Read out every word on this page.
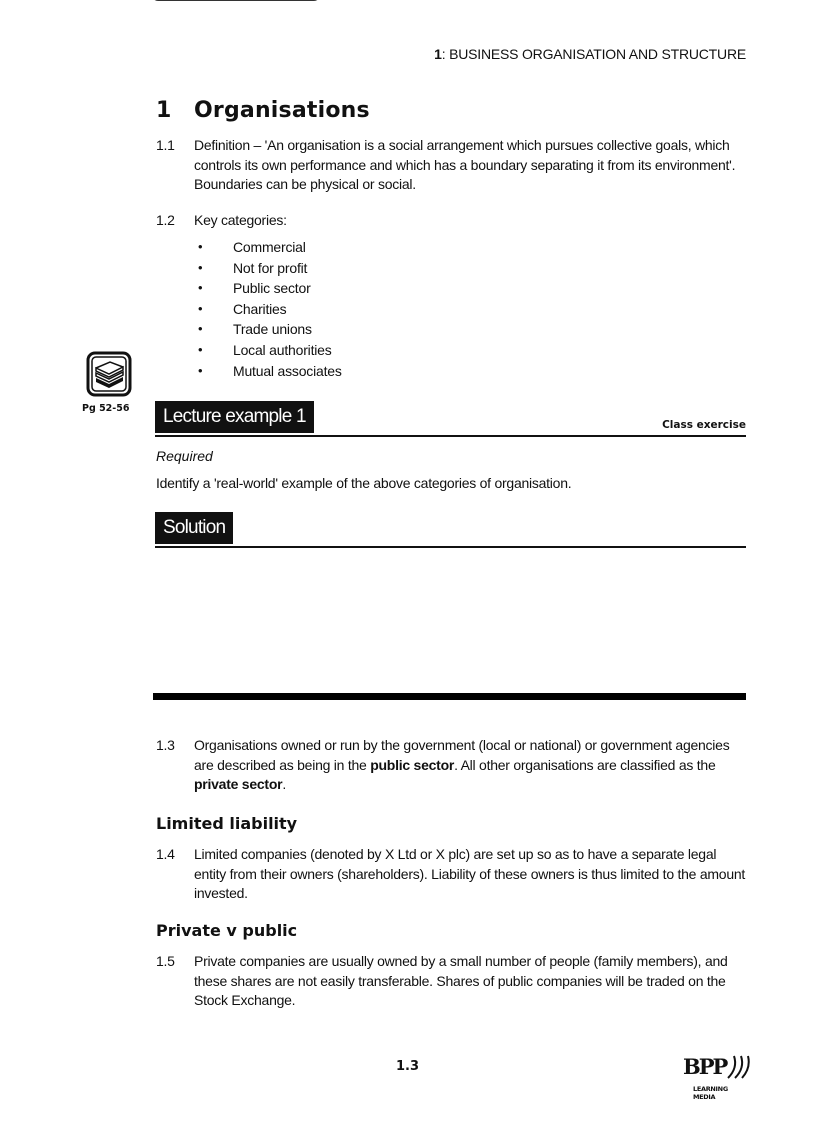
1: BUSINESS ORGANISATION AND STRUCTURE
1 Organisations
1.1 Definition – 'An organisation is a social arrangement which pursues collective goals, which controls its own performance and which has a boundary separating it from its environment'. Boundaries can be physical or social.
1.2 Key categories:
• Commercial
• Not for profit
• Public sector
• Charities
• Trade unions
• Local authorities
• Mutual associates
Pg 52-56	Lecture example 1	Class exercise
Required
Identify a 'real-world' example of the above categories of organisation.
Solution
1.3 Organisations owned or run by the government (local or national) or government agencies are described as being in the public sector. All other organisations are classified as the private sector.
Limited liability
1.4 Limited companies (denoted by X Ltd or X plc) are set up so as to have a separate legal entity from their owners (shareholders). Liability of these owners is thus limited to the amount invested.
Private v public
1.5 Private companies are usually owned by a small number of people (family members), and these shares are not easily transferable. Shares of public companies will be traded on the Stock Exchange.
1.3	BPP
LEARNING MEDIA
